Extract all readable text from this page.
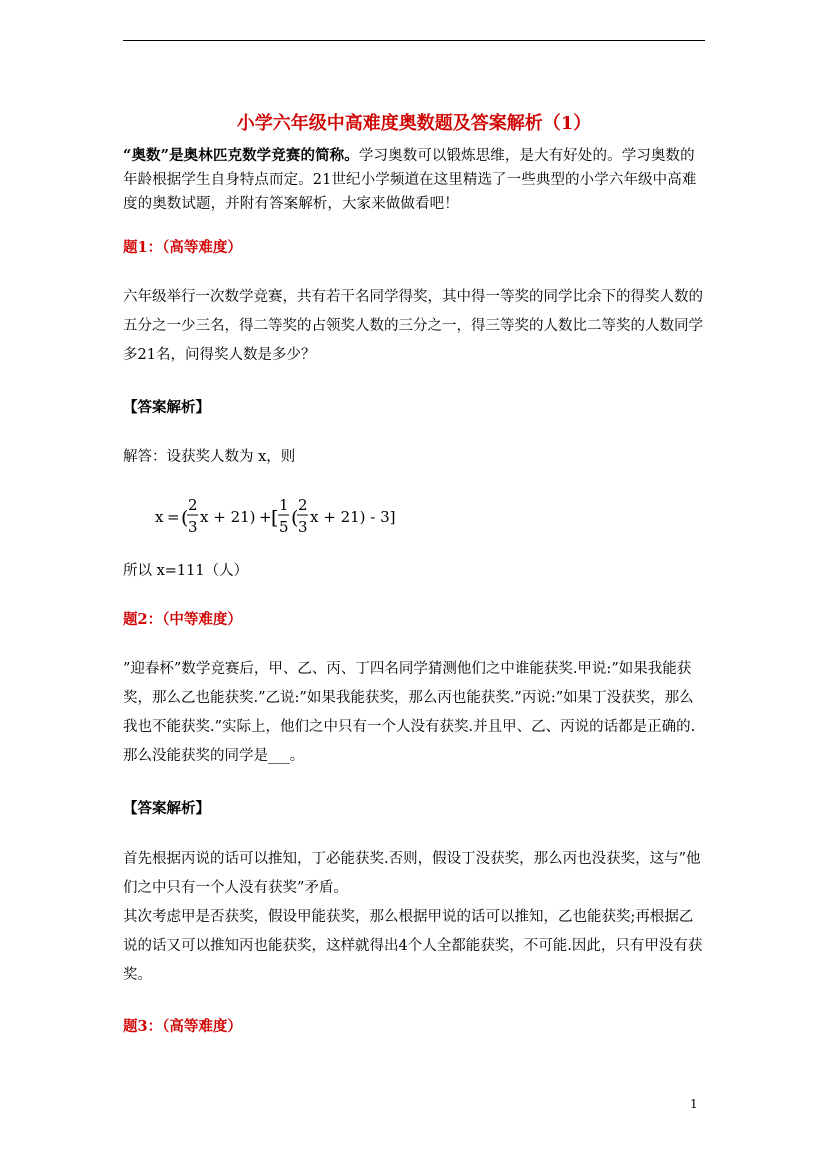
小学六年级中高难度奥数题及答案解析（1）
“奥数”是奥林匹克数学竞赛的简称。学习奥数可以锻炼思维，是大有好处的。学习奥数的年龄根据学生自身特点而定。21世纪小学频道在这里精选了一些典型的小学六年级中高难度的奥数试题，并附有答案解析，大家来做做看吧！
题1：（高等难度）
六年级举行一次数学竞赛，共有若干名同学得奖，其中得一等奖的同学比余下的得奖人数的五分之一少三名，得二等奖的占领奖人数的三分之一，得三等奖的人数比二等奖的人数同学多21名，问得奖人数是多少？
【答案解析】
解答：设获奖人数为 x，则
x = (
2
3
x + 21) + [
1
5 (
2
3
x + 21) - 3]
所以 x=111（人）
题2：（中等难度）
”迎春杯”数学竞赛后，甲、乙、丙、丁四名同学猜测他们之中谁能获奖.甲说:”如果我能获奖，那么乙也能获奖.”乙说:”如果我能获奖，那么丙也能获奖.”丙说:”如果丁没获奖，那么我也不能获奖.”实际上，他们之中只有一个人没有获奖.并且甲、乙、丙说的话都是正确的.那么没能获奖的同学是___。
【答案解析】
首先根据丙说的话可以推知，丁必能获奖.否则，假设丁没获奖，那么丙也没获奖，这与”他们之中只有一个人没有获奖”矛盾。
其次考虑甲是否获奖，假设甲能获奖，那么根据甲说的话可以推知，乙也能获奖;再根据乙说的话又可以推知丙也能获奖，这样就得出4个人全都能获奖，不可能.因此，只有甲没有获奖。
题3：（高等难度）
1
